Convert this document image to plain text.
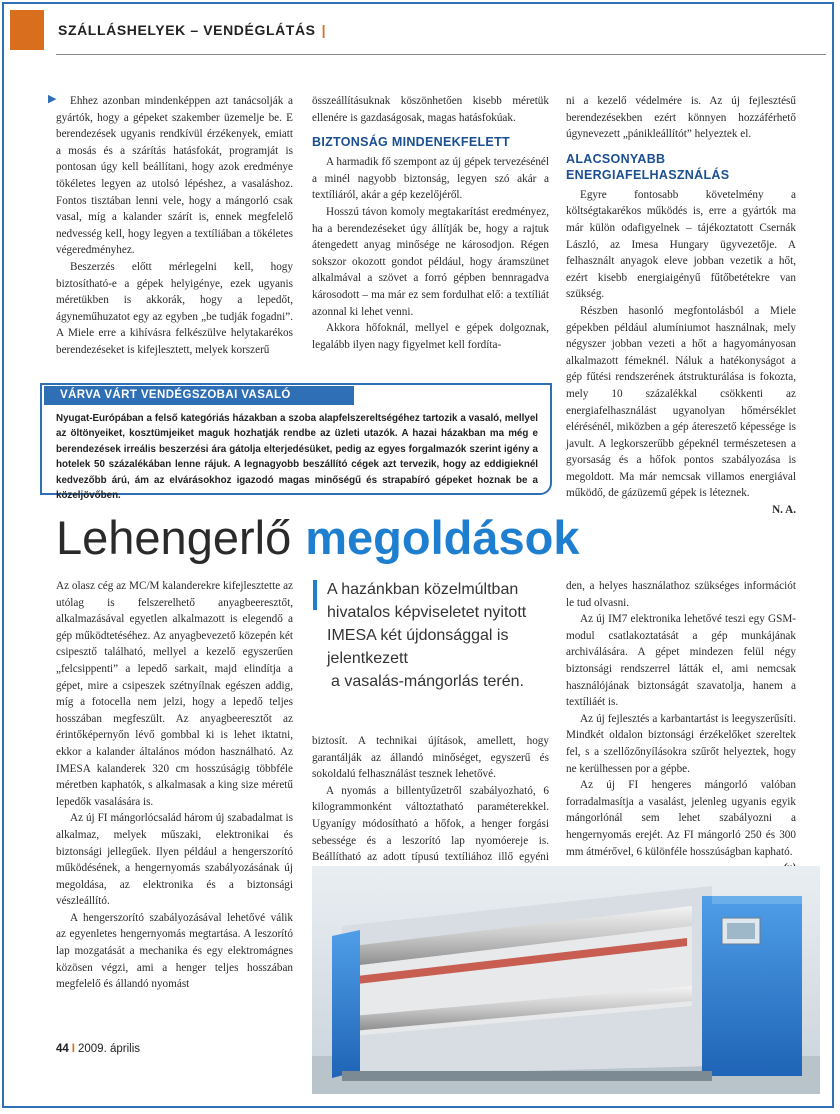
SZÁLLÁSHELYEK – VENDÉGLÁTÁS |
▶	Ehhez azonban mindenképpen azt tanácsolják a gyártók, hogy a gépeket szakember üzemelje be. E berendezések ugyanis rendkívül érzékenyek, emiatt a mosás és a szárítás hatásfokát, programját is pontosan úgy kell beállítani, hogy azok eredménye tökéletes legyen az utolsó lépéshez, a vasaláshoz. Fontos tisztában lenni vele, hogy a mángorló csak vasal, míg a kalander szárít is, ennek megfelelő nedvesség kell, hogy legyen a textíliában a tökéletes végeredményhez.

Beszerzés előtt mérlegelni kell, hogy biztosítható-e a gépek helyigénye, ezek ugyanis méretükben is akkorák, hogy a lepedőt, ágyneműhuzatot egy az egyben „be tudják fogadni”. A Miele erre a kihívásra felkészülve helytakarékos berendezéseket is kifejlesztett, melyek korszerű

összeállításuknak köszönhetően kisebb méretük ellenére is gazdaságosak, magas hatásfokúak.

BIZTONSÁG MINDENEKFELETT

A harmadik fő szempont az új gépek tervezésénél a minél nagyobb biztonság, legyen szó akár a textíliáról, akár a gép kezelőjéről.

Hosszú távon komoly megtakarítást eredményez, ha a berendezéseket úgy állítják be, hogy a rajtuk átengedett anyag minősége ne károsodjon. Régen sokszor okozott gondot például, hogy áramszünet alkalmával a szövet a forró gépben bennragadva károsodott – ma már ez sem fordulhat elő: a textíliát azonnal ki lehet venni.

Akkora hőfoknál, mellyel e gépek dolgoznak, legalább ilyen nagy figyelmet kell fordíta-

ni a kezelő védelmére is. Az új fejlesztésű berendezésekben ezért könnyen hozzáférhető úgynevezett „pánikleállítót” helyeztek el.

ALACSONYABB
ENERGIAFELHASZNÁLÁS

Egyre fontosabb követelmény a költségtakarékos működés is, erre a gyártók ma már külön odafigyelnek – tájékoztatott Csernák László, az Imesa Hungary ügyvezetője. A felhasznált anyagok eleve jobban vezetik a hőt, ezért kisebb energiaigényű fűtőbetétekre van szükség.

Részben hasonló megfontolásból a Miele gépekben például alumíniumot használnak, mely négyszer jobban vezeti a hőt a hagyományosan alkalmazott fémeknél. Náluk a hatékonyságot a gép fűtési rendszerének átstrukturálása is fokozta, mely 10 százalékkal csökkenti az energiafelhasználást ugyanolyan hőmérséklet elérésénél, miközben a gép átereszető képessége is javult. A legkorszerűbb gépeknél természetesen a gyorsaság és a hőfok pontos szabályozása is megoldott. Ma már nemcsak villamos energiával működő, de gázüzemű gépek is léteznek.

N. A.

VÁRVA VÁRT VENDÉGSZOBAI VASALÓ

Nyugat-Európában a felső kategóriás házakban a szoba alapfelszereltségéhez tartozik a vasaló, mellyel az öltönyeiket, kosztümjeiket maguk hozhatják rendbe az üzleti utazók. A hazai házakban ma még e berendezések irreális beszerzési ára gátolja elterjedésüket, pedig az egyes forgalmazók szerint igény a hotelek 50 százalékában lenne rájuk. A legnagyobb beszállító cégek azt tervezik, hogy az eddigieknél kedvezőbb árú, ám az elvárásokhoz igazodó magas minőségű és strapabíró gépeket hoznak be a közeljövőben.

Lehengerlő megoldások

A hazánkban közelmúltban
hivatalos képviseletet nyitott
IMESA két újdonsággal is
jelentkezett
a vasalás-mángorlás terén.

Az olasz cég az MC/M kalanderekre kifejlesztette az utólag is felszerelhető anyagbeeresztőt, alkalmazásával egyetlen alkalmazott is elegendő a gép működtetéséhez. Az anyagbevezető közepén két csipesztő található, mellyel a kezelő egyszerűen „felcsippenti” a lepedő sarkait, majd elindítja a gépet, mire a csipeszek szétnyílnak egészen addig, míg a fotocella nem jelzi, hogy a lepedő teljes hosszában megfeszült. Az anyagbeeresztőt az érintőképernyőn lévő gombbal ki is lehet iktatni, ekkor a kalander általános módon használható. Az IMESA kalanderek 320 cm hosszúságig többféle méretben kaphatók, s alkalmasak a king size méretű lepedők vasalására is.

Az új FI mángorlócsalád három új szabadalmat is alkalmaz, melyek műszaki, elektronikai és biztonsági jellegűek. Ilyen például a hengerszorító működésének, a hengernyomás szabályozásának új megoldása, az elektronika és a biztonsági vészleállító.

A hengerszorító szabályozásával lehetővé válik az egyenletes hengernyomás megtartása. A leszorító lap mozgatását a mechanika és egy elektromágnes közösen végzi, ami a henger teljes hosszában megfelelő és állandó nyomást

biztosít. A technikai újítások, amellett, hogy garantálják az állandó minőséget, egyszerű és sokoldalú felhasználást tesznek lehetővé.

A nyomás a billentyűzetről szabályozható, 6 kilogrammonként változtatható paraméterekkel. Ugyanígy módosítható a hőfok, a henger forgási sebessége és a leszorító lap nyomóereje is. Beállítható az adott típusú textíliához illő egyéni

den, a helyes használathoz szükséges információt le tud olvasni.

Az új IM7 elektronika lehetővé teszi egy GSM-modul csatlakoztatását a gép munkájának archiválására. A gépet mindezen felül négy biztonsági rendszerrel látták el, ami nemcsak használójának biztonságát szavatolja, hanem a textíliáét is.

Az új fejlesztés a karbantartást is leegyszerűsíti. Mindkét oldalon biztonsági érzékelőket szereltek fel, s a szellőzőnyílásokra szűrőt helyeztek, hogy ne kerülhessen por a gépbe.

Az új FI hengeres mángorló valóban forradalmasítja a vasalást, jelenleg ugyanis egyik mángorlónál sem lehet szabályozni a hengernyomás erejét. Az FI mángorló 250 és 300 mm átmérővel, 6 különféle hosszúságban kapható.

44 I 2009. április
